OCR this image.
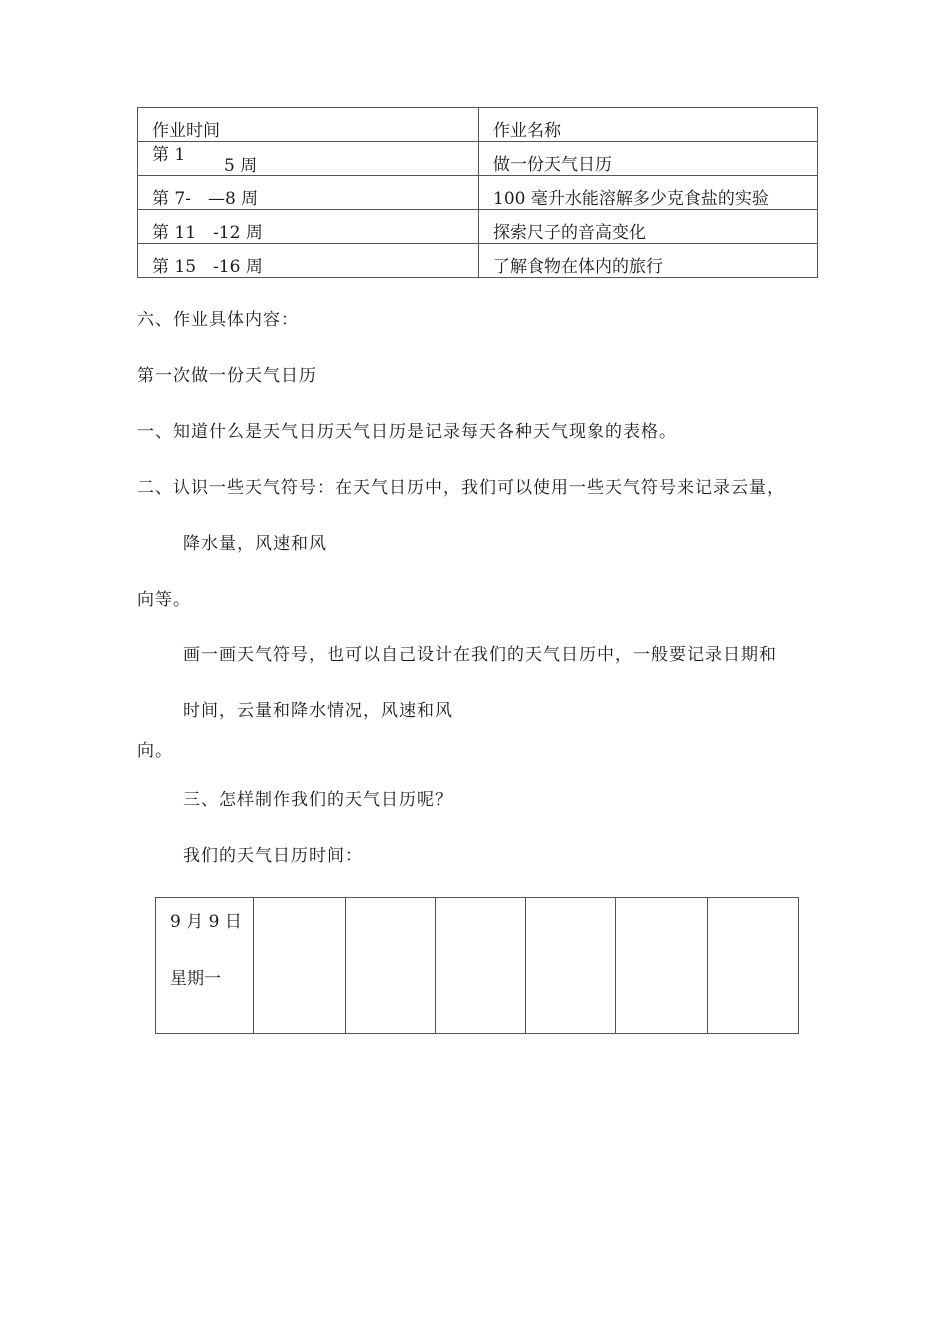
作业时间	作业名称

第 1
5 周	做一份天气日历
第 7-　—8 周	100 毫升水能溶解多少克食盐的实验
第 11　-12 周	探索尺子的音高变化
第 15　-16 周	了解食物在体内的旅行
六、作业具体内容：
第一次做一份天气日历
一、知道什么是天气日历天气日历是记录每天各种天气现象的表格。
二、认识一些天气符号：在天气日历中，我们可以使用一些天气符号来记录云量，
降水量，风速和风
向等。
画一画天气符号，也可以自己设计在我们的天气日历中，一般要记录日期和
时间，云量和降水情况，风速和风
向。
三、怎样制作我们的天气日历呢？
我们的天气日历时间：
9 月 9 日
星期一
